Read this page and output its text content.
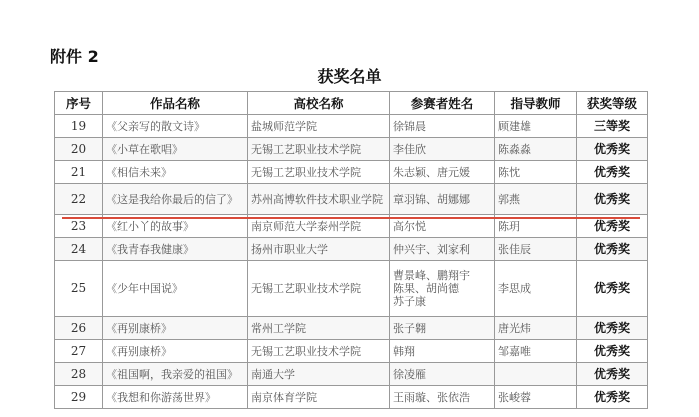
附件 2
获奖名单
序号	作品名称	高校名称	参赛者姓名	指导教师	获奖等级
19	《父亲写的散文诗》	盐城师范学院	徐锦晨	顾建雄	三等奖
20	《小草在歌唱》	无锡工艺职业技术学院	李佳欣	陈淼淼	优秀奖
21	《相信未来》	无锡工艺职业技术学院	朱志颖、唐元媛	陈忱	优秀奖
22	《这是我给你最后的信了》	苏州高博软件技术职业学院	章羽锦、胡娜娜	郭燕	优秀奖
23	《红小丫的故事》	南京师范大学泰州学院	高尔悦	陈玥	优秀奖
24	《我青春我健康》	扬州市职业大学	仲兴宇、刘家利	张佳辰	优秀奖
25	《少年中国说》	无锡工艺职业技术学院	曹景峰、鹏翔宇
陈果、胡尚德
苏子康	李思成	优秀奖
26	《再别康桥》	常州工学院	张子翱	唐光炜	优秀奖
27	《再别康桥》	无锡工艺职业技术学院	韩翔	邹嘉唯	优秀奖
28	《祖国啊，我亲爱的祖国》	南通大学	徐凌雁		优秀奖
29	《我想和你游荡世界》	南京体育学院	王雨璇、张依浩	张峻蓉	优秀奖
